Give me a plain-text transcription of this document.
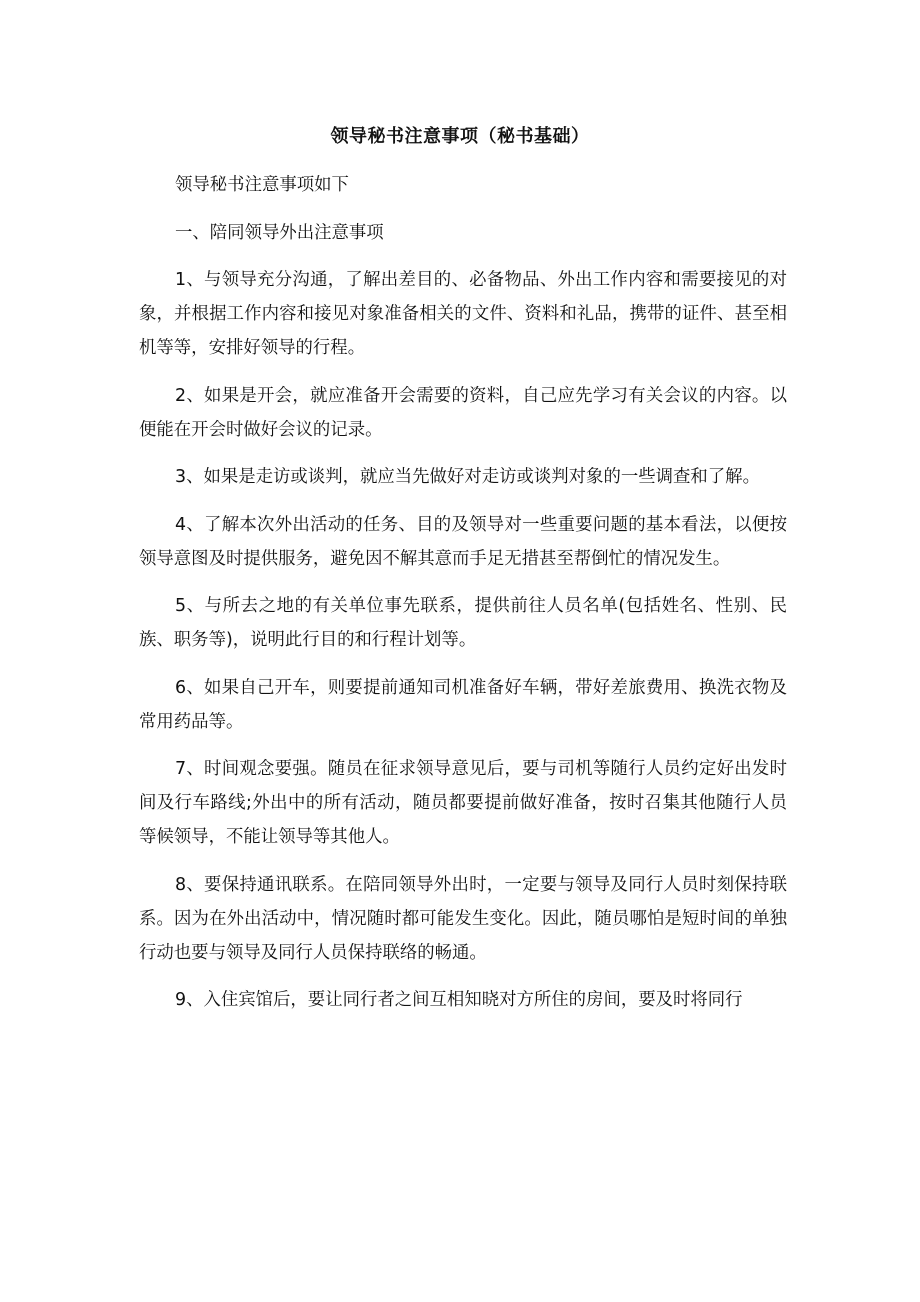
领导秘书注意事项（秘书基础）

领导秘书注意事项如下

一、陪同领导外出注意事项

1、与领导充分沟通，了解出差目的、必备物品、外出工作内容和需要接见的对象，并根据工作内容和接见对象准备相关的文件、资料和礼品，携带的证件、甚至相机等等，安排好领导的行程。

2、如果是开会，就应准备开会需要的资料，自己应先学习有关会议的内容。以便能在开会时做好会议的记录。

3、如果是走访或谈判，就应当先做好对走访或谈判对象的一些调查和了解。

4、了解本次外出活动的任务、目的及领导对一些重要问题的基本看法，以便按领导意图及时提供服务，避免因不解其意而手足无措甚至帮倒忙的情况发生。

5、与所去之地的有关单位事先联系，提供前往人员名单(包括姓名、性别、民族、职务等)，说明此行目的和行程计划等。

6、如果自己开车，则要提前通知司机准备好车辆，带好差旅费用、换洗衣物及常用药品等。

7、时间观念要强。随员在征求领导意见后，要与司机等随行人员约定好出发时间及行车路线;外出中的所有活动，随员都要提前做好准备，按时召集其他随行人员等候领导，不能让领导等其他人。

8、要保持通讯联系。在陪同领导外出时，一定要与领导及同行人员时刻保持联系。因为在外出活动中，情况随时都可能发生变化。因此，随员哪怕是短时间的单独行动也要与领导及同行人员保持联络的畅通。

9、入住宾馆后，要让同行者之间互相知晓对方所住的房间，要及时将同行
